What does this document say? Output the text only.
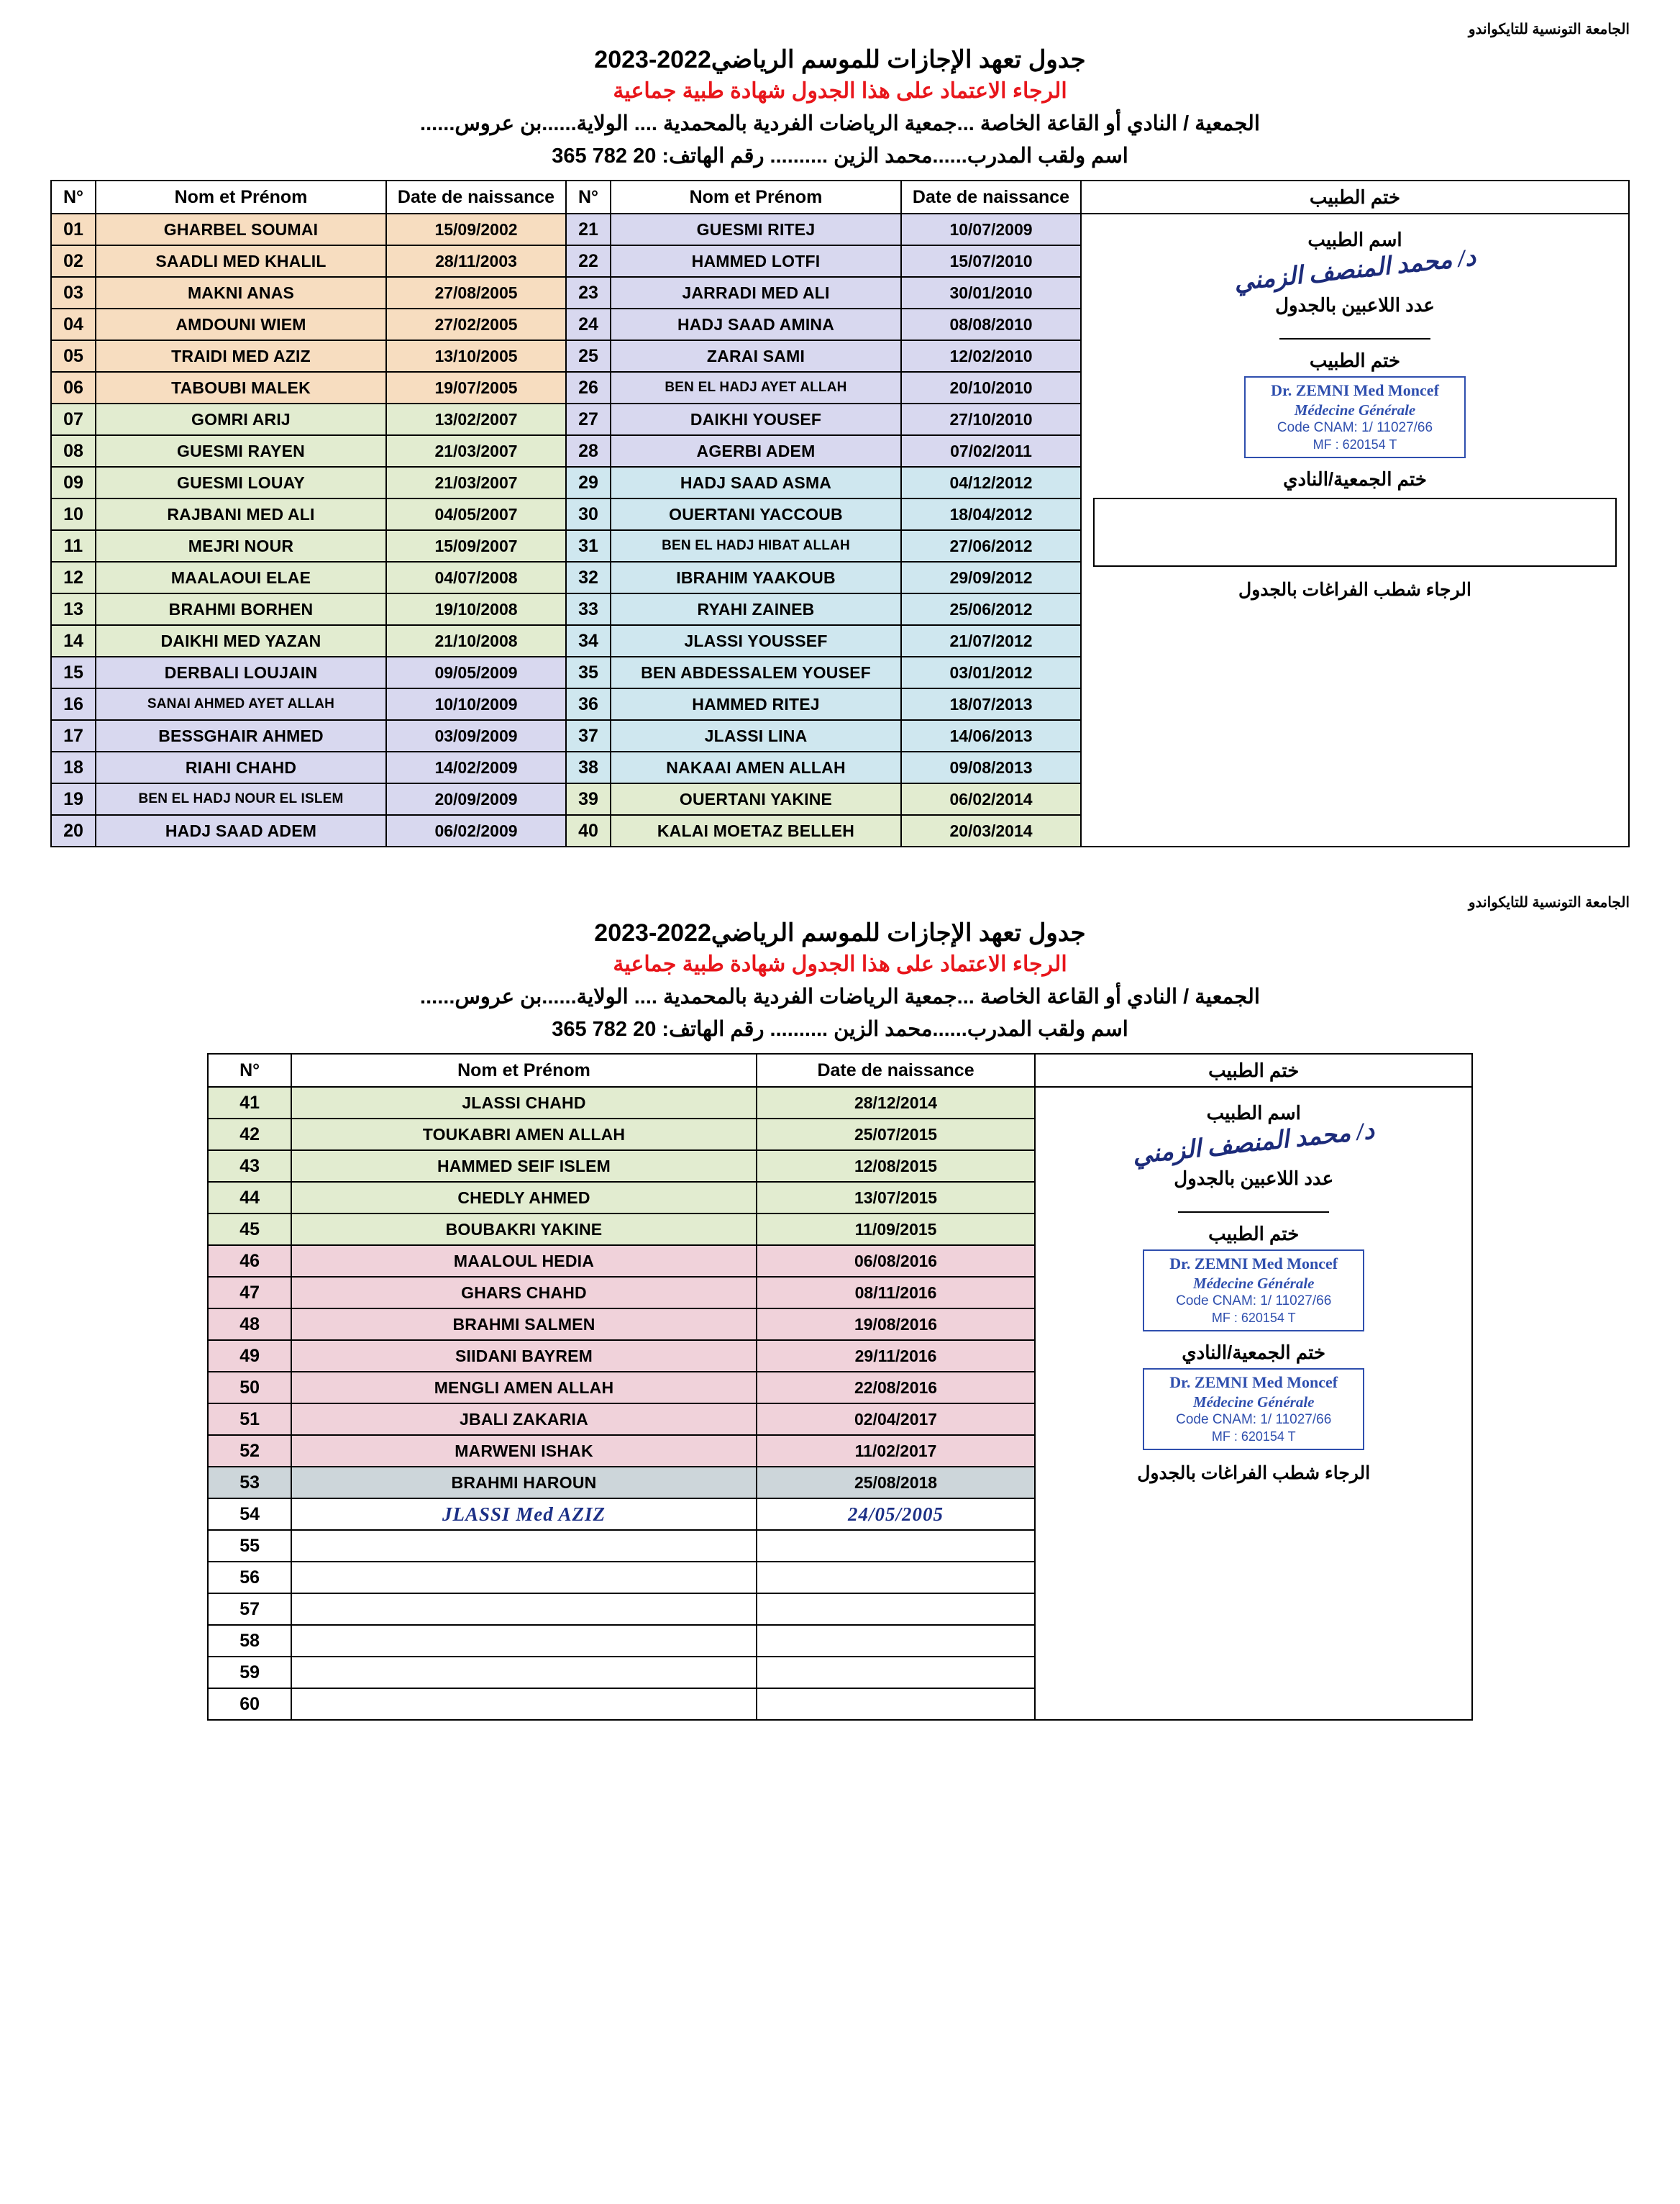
الجامعة التونسية للتايكواندو
جدول تعهد الإجازات للموسم الرياضي2022-2023
الرجاء الاعتماد على هذا الجدول شهادة طبية جماعية
الجمعية / النادي أو القاعة الخاصة ...جمعية الرياضات الفردية بالمحمدية .... الولاية......بن عروس......
اسم ولقب المدرب......محمد الزين .......... رقم الهاتف: 20 782 365
N°	Nom et Prénom	Date de naissance	N°	Nom et Prénom	Date de naissance	ختم الطبيب
01	GHARBEL SOUMAI	15/09/2002	21	GUESMI RITEJ	10/07/2009	اسم الطبيب
د/ محمد المنصف الزمني
عدد اللاعبين بالجدول
ختم الطبيب
Dr. ZEMNI Med Moncef
Médecine Générale
Code CNAM: 1/ 11027/66
MF : 620154 T
ختم الجمعية/النادي
الرجاء شطب الفراغات بالجدول

02	SAADLI MED KHALIL	28/11/2003	22	HAMMED LOTFI	15/07/2010	
03	MAKNI ANAS	27/08/2005	23	JARRADI MED ALI	30/01/2010	
04	AMDOUNI WIEM	27/02/2005	24	HADJ SAAD AMINA	08/08/2010	
05	TRAIDI MED AZIZ	13/10/2005	25	ZARAI SAMI	12/02/2010	
06	TABOUBI MALEK	19/07/2005	26	BEN EL HADJ AYET ALLAH	20/10/2010	
07	GOMRI ARIJ	13/02/2007	27	DAIKHI YOUSEF	27/10/2010	
08	GUESMI RAYEN	21/03/2007	28	AGERBI ADEM	07/02/2011	
09	GUESMI LOUAY	21/03/2007	29	HADJ SAAD ASMA	04/12/2012	
10	RAJBANI MED ALI	04/05/2007	30	OUERTANI YACCOUB	18/04/2012	
11	MEJRI NOUR	15/09/2007	31	BEN EL HADJ HIBAT ALLAH	27/06/2012	
12	MAALAOUI ELAE	04/07/2008	32	IBRAHIM YAAKOUB	29/09/2012	
13	BRAHMI BORHEN	19/10/2008	33	RYAHI ZAINEB	25/06/2012	
14	DAIKHI MED YAZAN	21/10/2008	34	JLASSI YOUSSEF	21/07/2012	
15	DERBALI LOUJAIN	09/05/2009	35	BEN ABDESSALEM YOUSEF	03/01/2012	
16	SANAI AHMED AYET ALLAH	10/10/2009	36	HAMMED RITEJ	18/07/2013	
17	BESSGHAIR AHMED	03/09/2009	37	JLASSI LINA	14/06/2013	
18	RIAHI CHAHD	14/02/2009	38	NAKAAI AMEN ALLAH	09/08/2013	
19	BEN EL HADJ NOUR EL ISLEM	20/09/2009	39	OUERTANI YAKINE	06/02/2014	
20	HADJ SAAD ADEM	06/02/2009	40	KALAI MOETAZ BELLEH	20/03/2014	
الجامعة التونسية للتايكواندو
جدول تعهد الإجازات للموسم الرياضي2022-2023
الرجاء الاعتماد على هذا الجدول شهادة طبية جماعية
الجمعية / النادي أو القاعة الخاصة ...جمعية الرياضات الفردية بالمحمدية .... الولاية......بن عروس......
اسم ولقب المدرب......محمد الزين .......... رقم الهاتف: 20 782 365
N°	Nom et Prénom	Date de naissance	ختم الطبيب
41	JLASSI CHAHD	28/12/2014	اسم الطبيب
د/ محمد المنصف الزمني
عدد اللاعبين بالجدول
ختم الطبيب
Dr. ZEMNI Med Moncef
Médecine Générale
Code CNAM: 1/ 11027/66
MF : 620154 T
ختم الجمعية/النادي
Dr. ZEMNI Med Moncef
Médecine Générale
Code CNAM: 1/ 11027/66
MF : 620154 T
الرجاء شطب الفراغات بالجدول

42	TOUKABRI AMEN ALLAH	25/07/2015	
43	HAMMED SEIF ISLEM	12/08/2015	
44	CHEDLY AHMED	13/07/2015	
45	BOUBAKRI YAKINE	11/09/2015	
46	MAALOUL HEDIA	06/08/2016	
47	GHARS CHAHD	08/11/2016	
48	BRAHMI SALMEN	19/08/2016	
49	SIIDANI BAYREM	29/11/2016	
50	MENGLI AMEN ALLAH	22/08/2016	
51	JBALI ZAKARIA	02/04/2017	
52	MARWENI ISHAK	11/02/2017	
53	BRAHMI HAROUN	25/08/2018	
54	JLASSI Med AZIZ	24/05/2005	
55			
56			
57			
58			
59			
60			
